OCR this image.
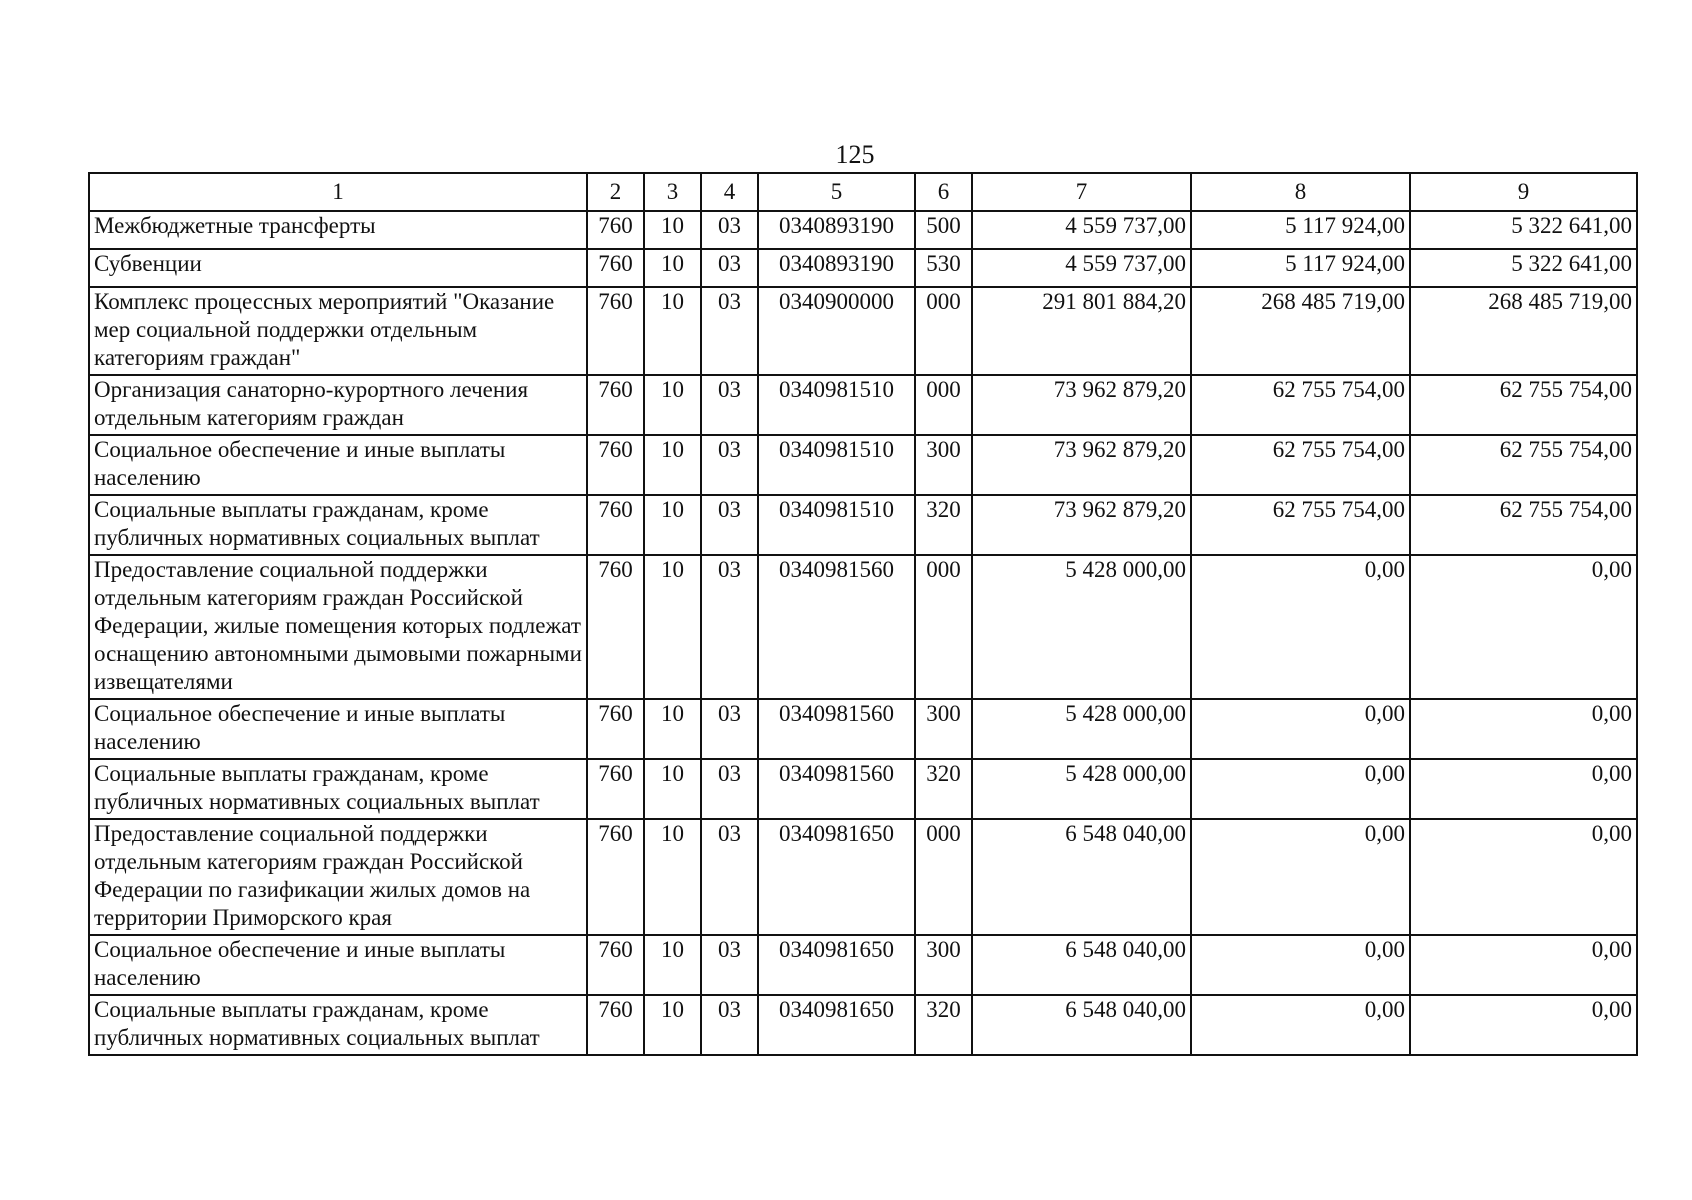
125
1	2	3	4	5	6	7	8	9
Межбюджетные трансферты	760	10	03	0340893190	500	4 559 737,00	5 117 924,00	5 322 641,00
Субвенции	760	10	03	0340893190	530	4 559 737,00	5 117 924,00	5 322 641,00
Комплекс процессных мероприятий "Оказание мер социальной поддержки отдельным категориям граждан"	760	10	03	0340900000	000	291 801 884,20	268 485 719,00	268 485 719,00
Организация санаторно-курортного лечения отдельным категориям граждан	760	10	03	0340981510	000	73 962 879,20	62 755 754,00	62 755 754,00
Социальное обеспечение и иные выплаты населению	760	10	03	0340981510	300	73 962 879,20	62 755 754,00	62 755 754,00
Социальные выплаты гражданам, кроме публичных нормативных социальных выплат	760	10	03	0340981510	320	73 962 879,20	62 755 754,00	62 755 754,00
Предоставление социальной поддержки отдельным категориям граждан Российской Федерации, жилые помещения которых подлежат оснащению автономными дымовыми пожарными извещателями	760	10	03	0340981560	000	5 428 000,00	0,00	0,00
Социальное обеспечение и иные выплаты населению	760	10	03	0340981560	300	5 428 000,00	0,00	0,00
Социальные выплаты гражданам, кроме публичных нормативных социальных выплат	760	10	03	0340981560	320	5 428 000,00	0,00	0,00
Предоставление социальной поддержки отдельным категориям граждан Российской Федерации по газификации жилых домов на территории Приморского края	760	10	03	0340981650	000	6 548 040,00	0,00	0,00
Социальное обеспечение и иные выплаты населению	760	10	03	0340981650	300	6 548 040,00	0,00	0,00
Социальные выплаты гражданам, кроме публичных нормативных социальных выплат	760	10	03	0340981650	320	6 548 040,00	0,00	0,00
